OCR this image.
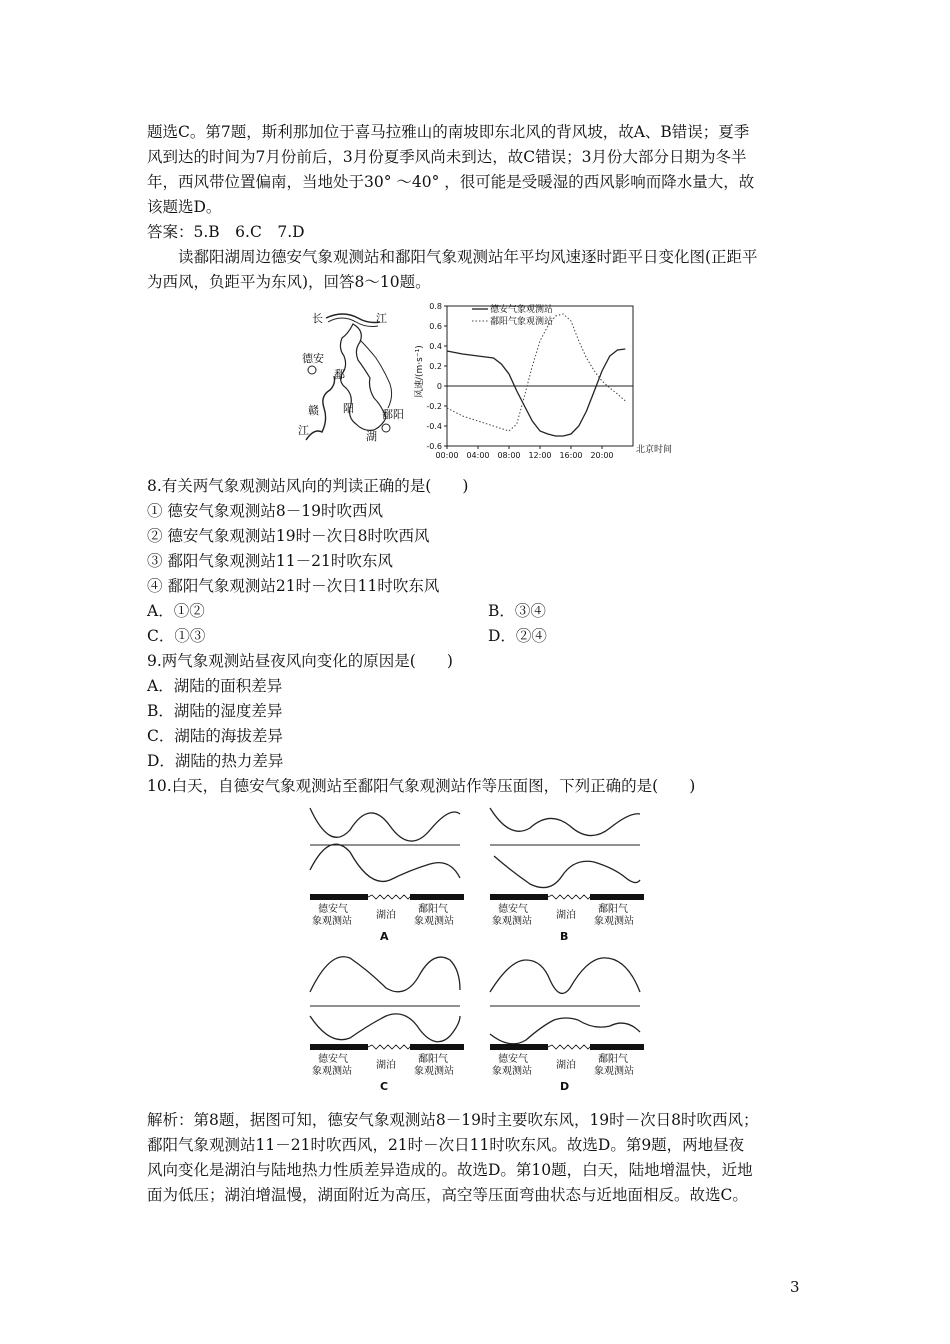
题选C。第7题，斯利那加位于喜马拉雅山的南坡即东北风的背风坡，故A、B错误；夏季
风到达的时间为7月份前后，3月份夏季风尚未到达，故C错误；3月份大部分日期为冬半
年，西风带位置偏南，当地处于30° ～40° ，很可能是受暖湿的西风影响而降水量大，故
该题选D。
答案：5.B　6.C　7.D
读鄱阳湖周边德安气象观测站和鄱阳气象观测站年平均风速逐时距平日变化图(正距平
为西风，负距平为东风)，回答8～10题。
长	江
德安
鄱
阳
湖
赣
江
鄱阳
0.8
0.6
0.4
0.2
0
-0.2
-0.4
-0.6
00:00 04:00 08:00 12:00 16:00 20:00
德安气象观测站
鄱阳气象观测站
风速/(m·s⁻¹)
北京时间
8.有关两气象观测站风向的判读正确的是(　　)
① 德安气象观测站8－19时吹西风
② 德安气象观测站19时－次日8时吹西风
③ 鄱阳气象观测站11－21时吹东风
④ 鄱阳气象观测站21时－次日11时吹东风
A．①②	B．③④
C．①③	D．②④
9.两气象观测站昼夜风向变化的原因是(　　)
A．湖陆的面积差异
B．湖陆的湿度差异
C．湖陆的海拔差异
D．湖陆的热力差异
10.白天，自德安气象观测站至鄱阳气象观测站作等压面图，下列正确的是(　　)
德安气
象观测站
湖泊
鄱阳气
象观测站
A
德安气
象观测站
湖泊
鄱阳气
象观测站
B
德安气
象观测站
湖泊
鄱阳气
象观测站
C
德安气
象观测站
湖泊
鄱阳气
象观测站
D
解析：第8题，据图可知，德安气象观测站8－19时主要吹东风，19时－次日8时吹西风；
鄱阳气象观测站11－21时吹西风，21时－次日11时吹东风。故选D。第9题，两地昼夜
风向变化是湖泊与陆地热力性质差异造成的。故选D。第10题，白天，陆地增温快，近地
面为低压；湖泊增温慢，湖面附近为高压，高空等压面弯曲状态与近地面相反。故选C。
3
